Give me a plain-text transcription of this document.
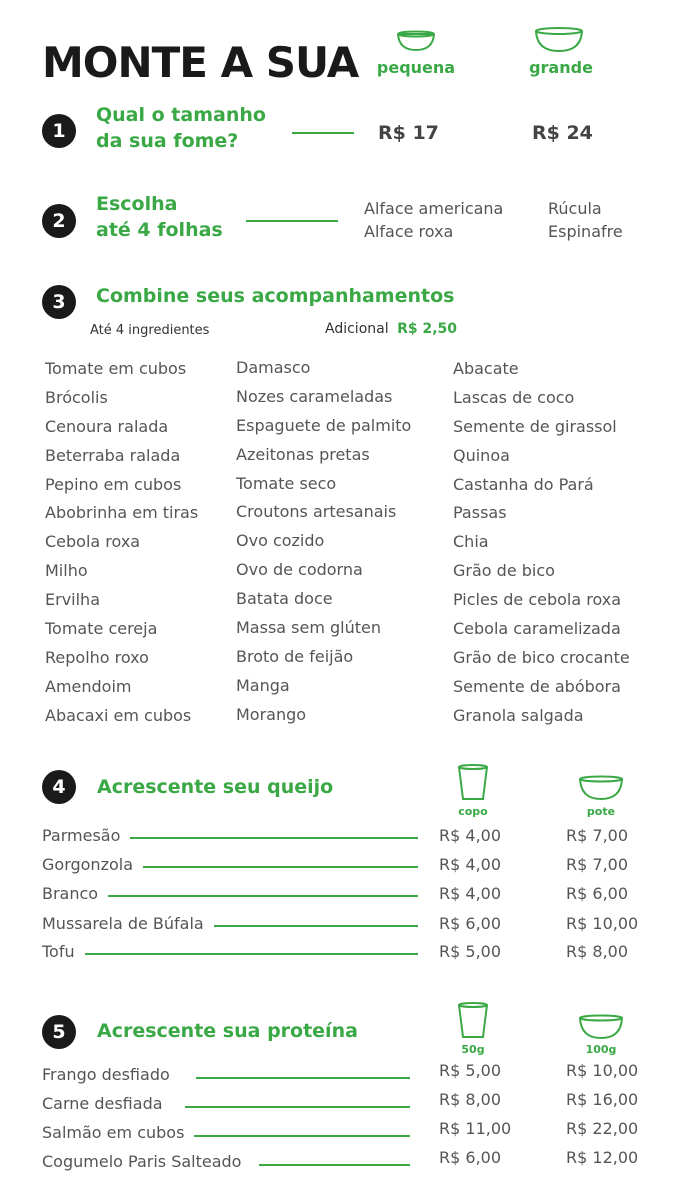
MONTE A SUA	pequena	grande
1
Qual o tamanho
da sua fome?	R$ 17	R$ 24
2
Escolha
até 4 folhas
Alface americana
Alface roxa
Rúcula
Espinafre
3	Combine seus acompanhamentos
Até 4 ingredientes	Adicional R$ 2,50
Tomate em cubos
Brócolis
Cenoura ralada
Beterraba ralada
Pepino em cubos
Abobrinha em tiras
Cebola roxa
Milho
Ervilha
Tomate cereja
Repolho roxo
Amendoim
Abacaxi em cubos
Damasco
Nozes carameladas
Espaguete de palmito
Azeitonas pretas
Tomate seco
Croutons artesanais
Ovo cozido
Ovo de codorna
Batata doce
Massa sem glúten
Broto de feijão
Manga
Morango
Abacate
Lascas de coco
Semente de girassol
Quinoa
Castanha do Pará
Passas
Chia
Grão de bico
Picles de cebola roxa
Cebola caramelizada
Grão de bico crocante
Semente de abóbora
Granola salgada
4	Acrescente seu queijo
copo	pote
Parmesão	R$ 4,00	R$ 7,00
Gorgonzola	R$ 4,00	R$ 7,00
Branco	R$ 4,00	R$ 6,00
Mussarela de Búfala	R$ 6,00	R$ 10,00
Tofu	R$ 5,00	R$ 8,00
5	Acrescente sua proteína
50g	100g
Frango desfiado	R$ 5,00	R$ 10,00
Carne desfiada	R$ 8,00	R$ 16,00
Salmão em cubos	R$ 11,00	R$ 22,00
Cogumelo Paris Salteado	R$ 6,00	R$ 12,00
